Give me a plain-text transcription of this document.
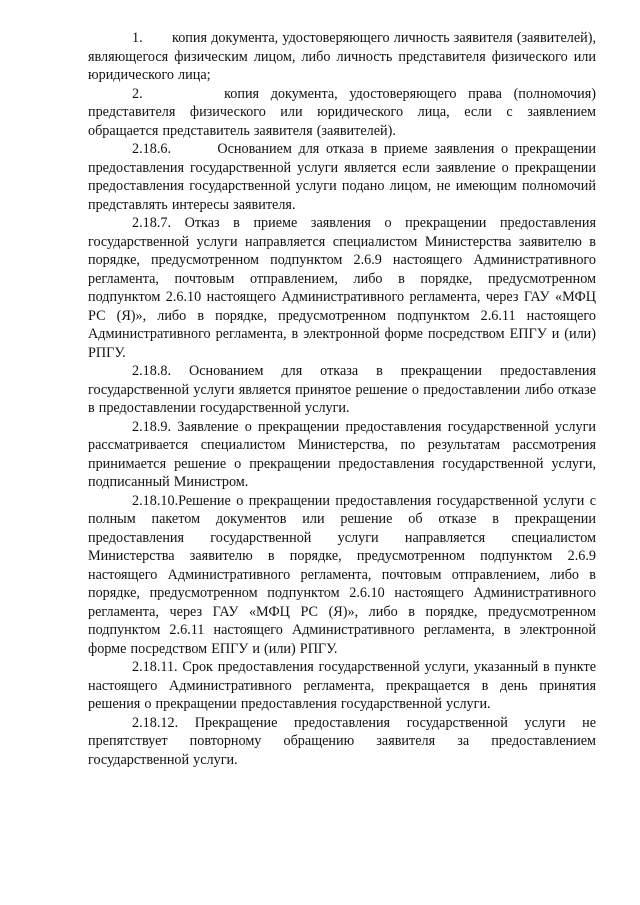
1.       копия документа, удостоверяющего личность заявителя (заявителей), являющегося физическим лицом, либо личность представителя физического или юридического лица;

2.       копия документа, удостоверяющего права (полномочия) представителя физического или юридического лица, если с заявлением обращается представитель заявителя (заявителей).

2.18.6.       Основанием для отказа в приеме заявления о прекращении предоставления государственной услуги является если заявление о прекращении предоставления государственной услуги подано лицом, не имеющим полномочий представлять интересы заявителя.

2.18.7. Отказ в приеме заявления о прекращении предоставления государственной услуги направляется специалистом Министерства заявителю в порядке, предусмотренном подпунктом 2.6.9 настоящего Административного регламента, почтовым отправлением, либо в порядке, предусмотренном подпунктом 2.6.10 настоящего Административного регламента, через ГАУ «МФЦ РС (Я)», либо в порядке, предусмотренном подпунктом 2.6.11 настоящего Административного регламента, в электронной форме посредством ЕПГУ и (или) РПГУ.

2.18.8. Основанием для отказа в прекращении предоставления государственной услуги является принятое решение о предоставлении либо отказе в предоставлении государственной услуги.

2.18.9. Заявление о прекращении предоставления государственной услуги рассматривается специалистом Министерства, по результатам рассмотрения принимается решение о прекращении предоставления государственной услуги, подписанный Министром.

2.18.10.Решение о прекращении предоставления государственной услуги с полным пакетом документов или решение об отказе в прекращении предоставления государственной услуги направляется специалистом Министерства заявителю в порядке, предусмотренном подпунктом 2.6.9 настоящего Административного регламента, почтовым отправлением, либо в порядке, предусмотренном подпунктом 2.6.10 настоящего Административного регламента, через ГАУ «МФЦ РС (Я)», либо в порядке, предусмотренном подпунктом 2.6.11 настоящего Административного регламента, в электронной форме посредством ЕПГУ и (или) РПГУ.

2.18.11. Срок предоставления государственной услуги, указанный в пункте настоящего Административного регламента, прекращается в день принятия решения о прекращении предоставления государственной услуги.

2.18.12. Прекращение предоставления государственной услуги не препятствует повторному обращению заявителя за предоставлением государственной услуги.
